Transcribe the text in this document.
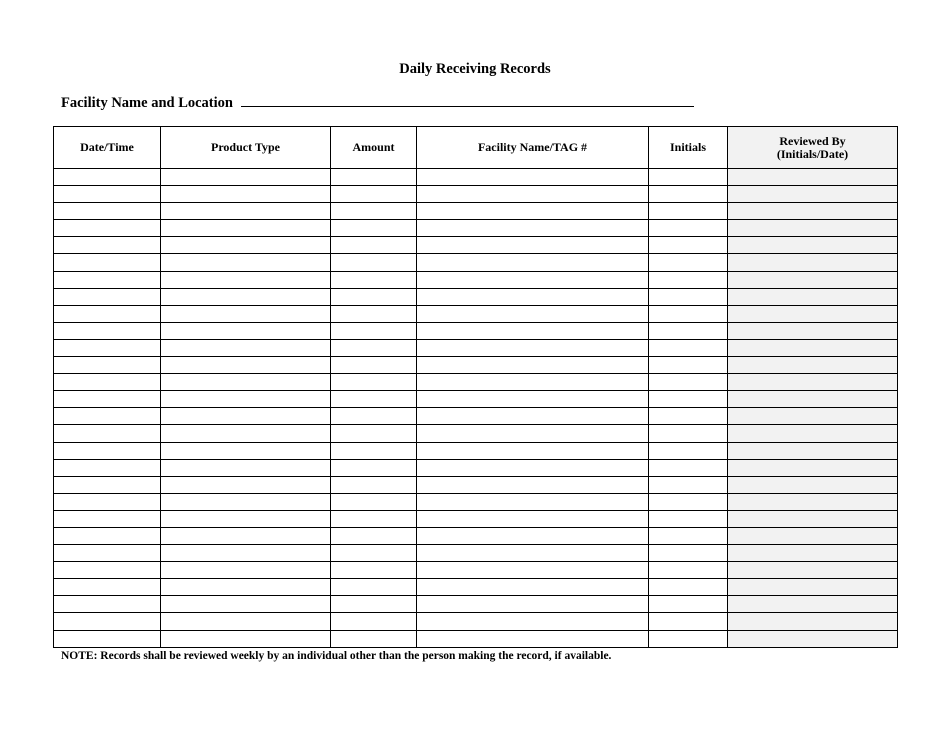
Daily Receiving Records
Facility Name and Location
Date/Time	Product Type	Amount	Facility Name/TAG #	Initials	Reviewed By
(Initials/Date)

NOTE: Records shall be reviewed weekly by an individual other than the person making the record, if available.
